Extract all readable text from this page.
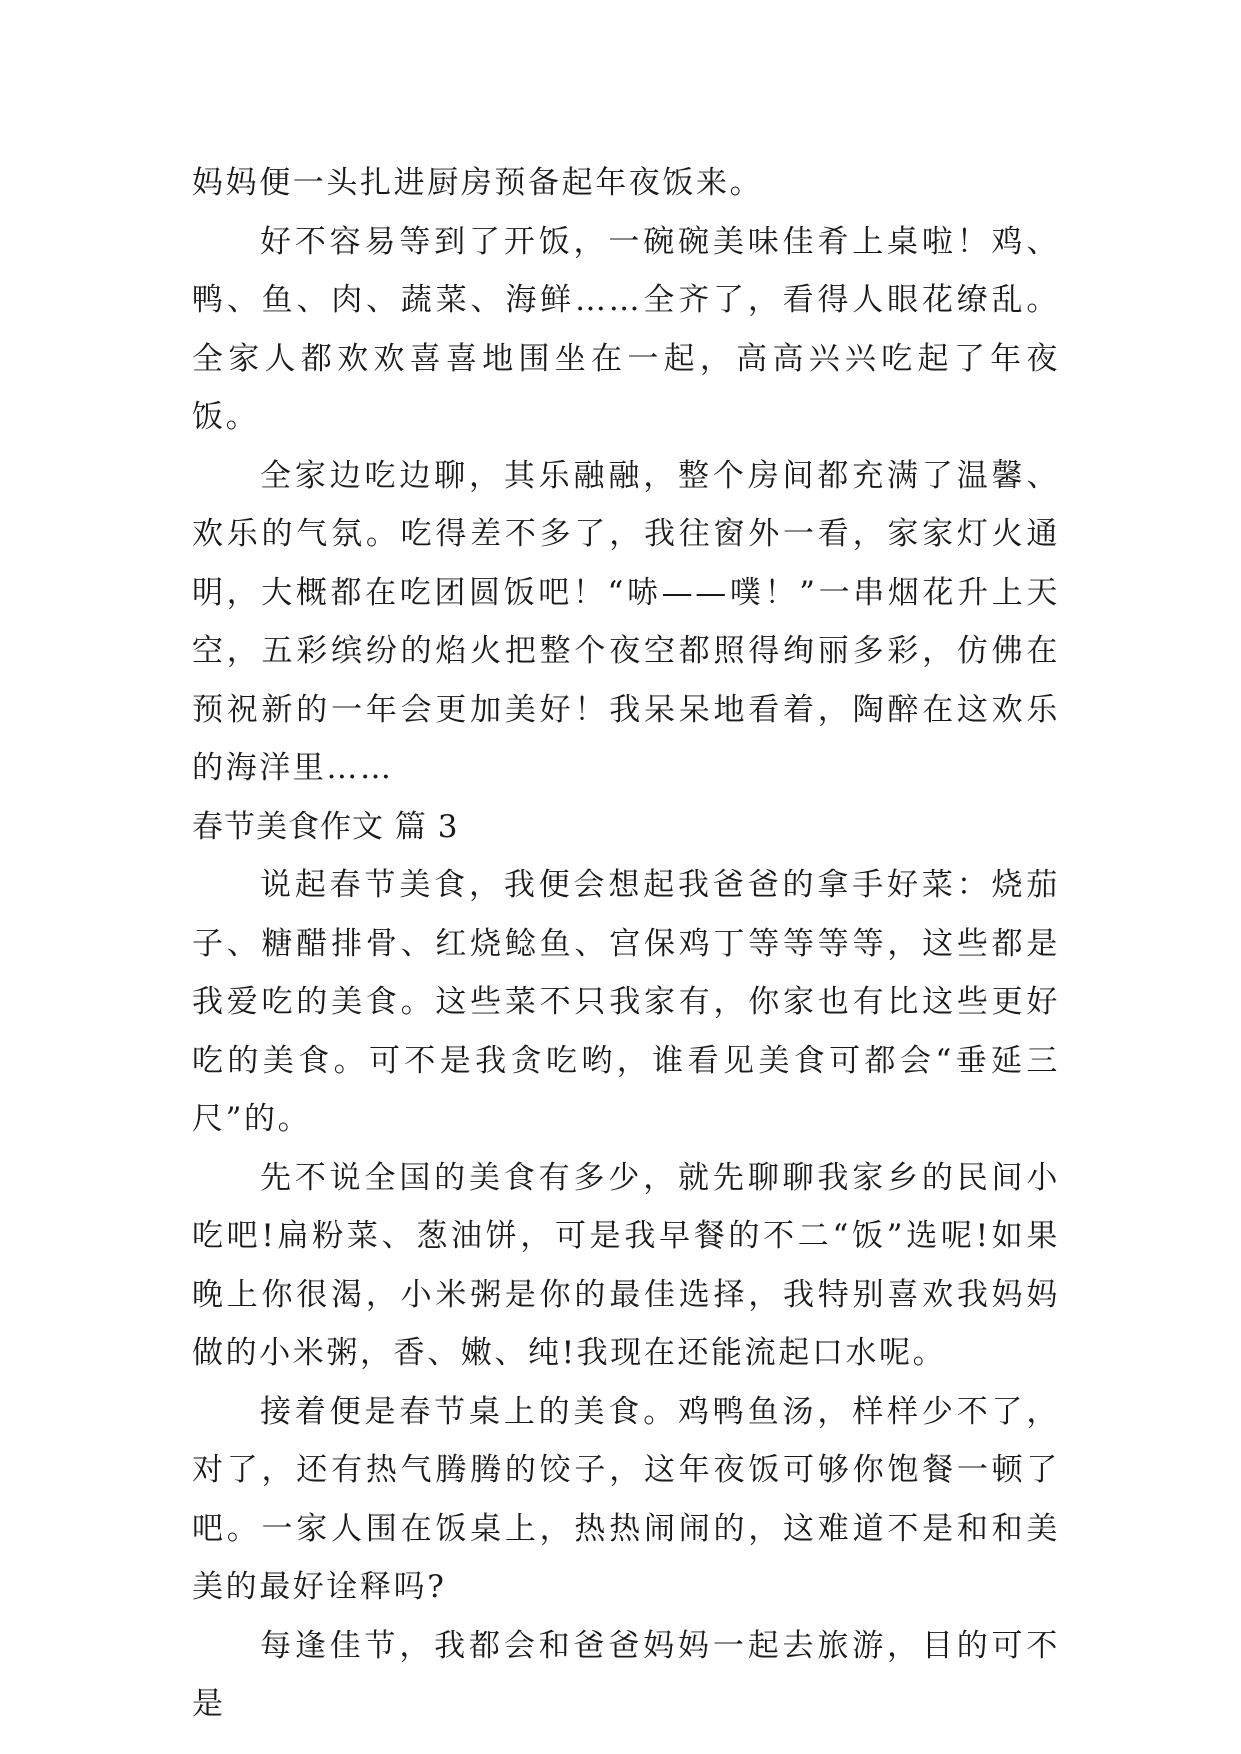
妈妈便一头扎进厨房预备起年夜饭来。

好不容易等到了开饭，一碗碗美味佳肴上桌啦！鸡、鸭、鱼、肉、蔬菜、海鲜……全齐了，看得人眼花缭乱。全家人都欢欢喜喜地围坐在一起，高高兴兴吃起了年夜饭。

全家边吃边聊，其乐融融，整个房间都充满了温馨、欢乐的气氛。吃得差不多了，我往窗外一看，家家灯火通明，大概都在吃团圆饭吧！“哧——噗！”一串烟花升上天空，五彩缤纷的焰火把整个夜空都照得绚丽多彩，仿佛在预祝新的一年会更加美好！我呆呆地看着，陶醉在这欢乐的海洋里……

春节美食作文 篇 3

说起春节美食，我便会想起我爸爸的拿手好菜：烧茄子、糖醋排骨、红烧鲶鱼、宫保鸡丁等等等等，这些都是我爱吃的美食。这些菜不只我家有，你家也有比这些更好吃的美食。可不是我贪吃哟，谁看见美食可都会“垂延三尺”的。

先不说全国的美食有多少，就先聊聊我家乡的民间小吃吧!扁粉菜、葱油饼，可是我早餐的不二“饭”选呢!如果晚上你很渴，小米粥是你的最佳选择，我特别喜欢我妈妈做的小米粥，香、嫩、纯!我现在还能流起口水呢。

接着便是春节桌上的美食。鸡鸭鱼汤，样样少不了，对了，还有热气腾腾的饺子，这年夜饭可够你饱餐一顿了吧。一家人围在饭桌上，热热闹闹的，这难道不是和和美美的最好诠释吗?

每逢佳节，我都会和爸爸妈妈一起去旅游，目的可不是
